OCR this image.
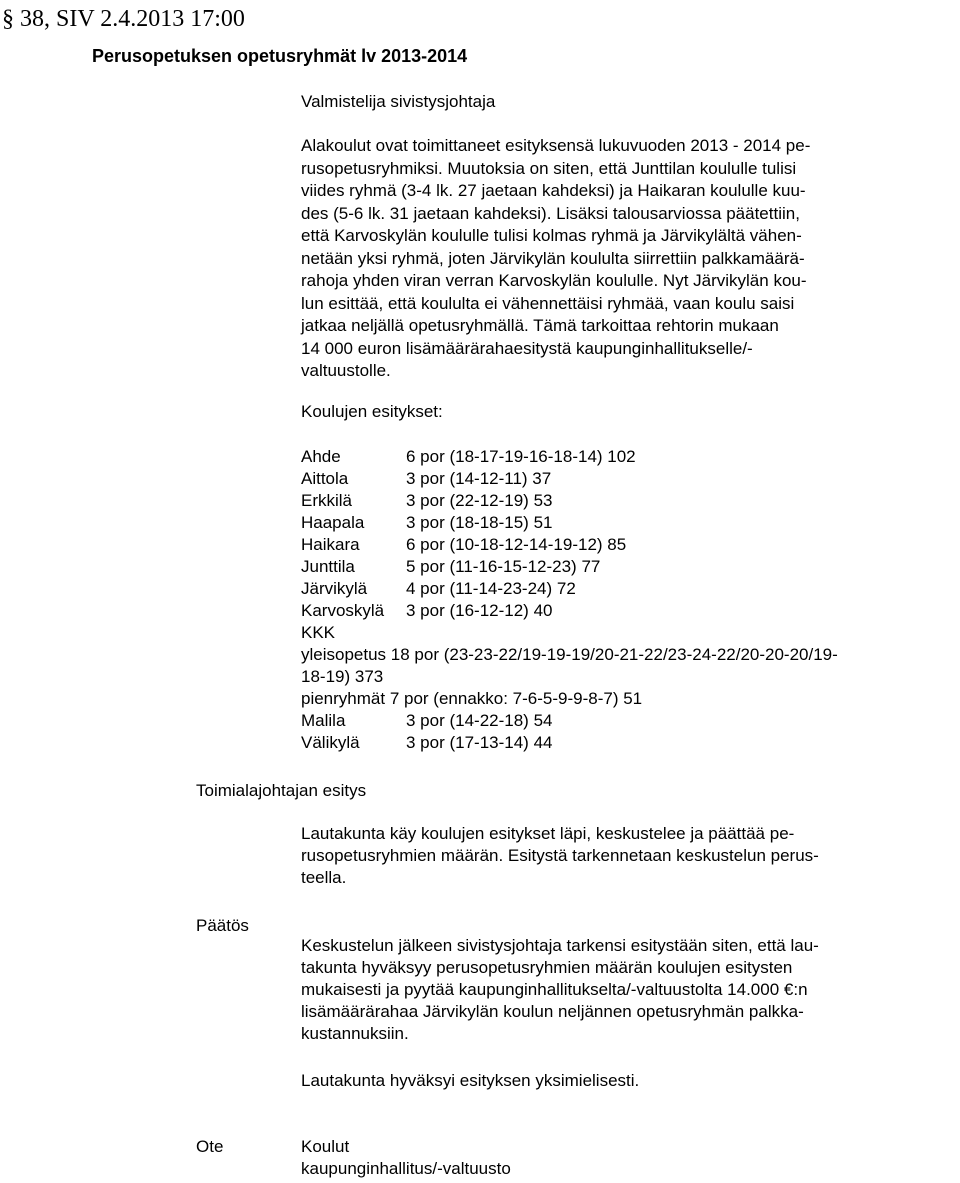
§ 38, SIV 2.4.2013 17:00
Perusopetuksen opetusryhmät lv 2013-2014
Valmistelija sivistysjohtaja

Alakoulut ovat toimittaneet esityksensä lukuvuoden 2013 - 2014 pe-

rusopetusryhmiksi. Muutoksia on siten, että Junttilan koululle tulisi

viides ryhmä (3-4 lk. 27 jaetaan kahdeksi) ja Haikaran koululle kuu-

des (5-6 lk. 31 jaetaan kahdeksi). Lisäksi talousarviossa päätettiin,

että Karvoskylän koululle tulisi kolmas ryhmä ja Järvikylältä vähen-

netään yksi ryhmä, joten Järvikylän koululta siirrettiin palkkamäärä-

rahoja yhden viran verran Karvoskylän koululle. Nyt Järvikylän kou-

lun esittää, että koululta ei vähennettäisi ryhmää, vaan koulu saisi

jatkaa neljällä opetusryhmällä. Tämä tarkoittaa rehtorin mukaan

14 000 euron lisämäärärahaesitystä kaupunginhallitukselle/-

valtuustolle.

Koulujen esitykset:
Ahde	6 por (18-17-19-16-18-14) 102
Aittola	3 por (14-12-11) 37
Erkkilä	3 por (22-12-19) 53
Haapala 3 por (18-18-15) 51
Haikara	6 por (10-18-12-14-19-12) 85
Junttila	5 por (11-16-15-12-23) 77
Järvikylä 4 por (11-14-23-24) 72
Karvoskylä 3 por (16-12-12) 40
KKK
yleisopetus 18 por (23-23-22/19-19-19/20-21-22/23-24-22/20-20-20/19-18-19) 373
pienryhmät 7 por (ennakko: 7-6-5-9-9-8-7) 51
Malila	3 por (14-22-18) 54
Välikylä	3 por (17-13-14) 44
Toimialajohtajan esitys

Lautakunta käy koulujen esitykset läpi, keskustelee ja päättää pe-

rusopetusryhmien määrän. Esitystä tarkennetaan keskustelun perus-

teella.

Päätös

Keskustelun jälkeen sivistysjohtaja tarkensi esitystään siten, että lau-

takunta hyväksyy perusopetusryhmien määrän koulujen esitysten

mukaisesti ja pyytää kaupunginhallitukselta/-valtuustolta 14.000 €:n

lisämäärärahaa Järvikylän koulun neljännen opetusryhmän palkka-

kustannuksiin.

Lautakunta hyväksyi esityksen yksimielisesti.
Ote	Koulut
kaupunginhallitus/-valtuusto
